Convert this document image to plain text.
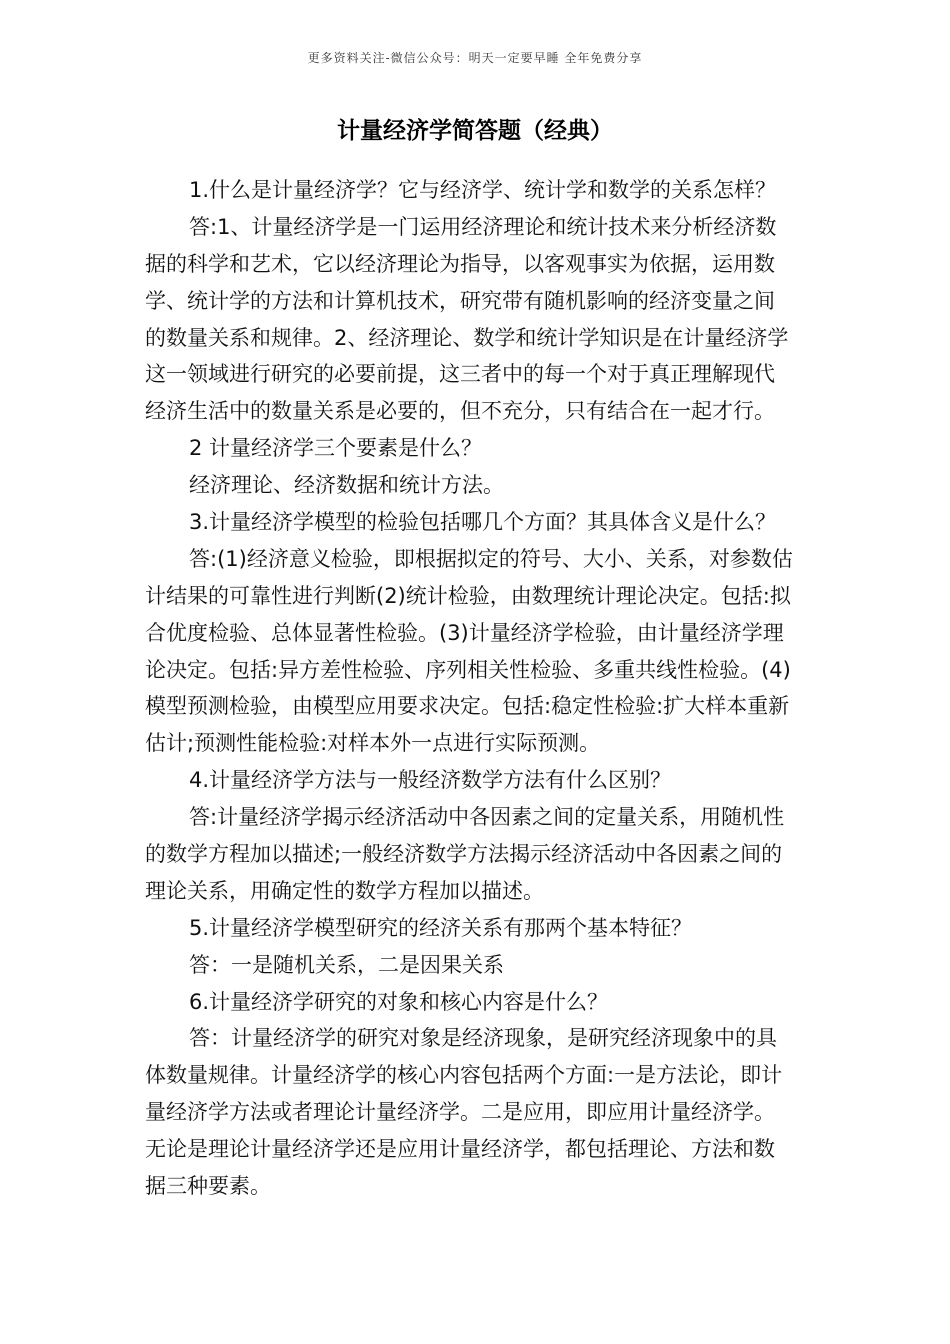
更多资料关注-微信公众号：明天一定要早睡 全年免费分享
计量经济学简答题（经典）
1.什么是计量经济学？它与经济学、统计学和数学的关系怎样？
答:1、计量经济学是一门运用经济理论和统计技术来分析经济数
据的科学和艺术，它以经济理论为指导，以客观事实为依据，运用数
学、统计学的方法和计算机技术，研究带有随机影响的经济变量之间
的数量关系和规律。2、经济理论、数学和统计学知识是在计量经济学
这一领域进行研究的必要前提，这三者中的每一个对于真正理解现代
经济生活中的数量关系是必要的，但不充分，只有结合在一起才行。
2 计量经济学三个要素是什么？
经济理论、经济数据和统计方法。
3.计量经济学模型的检验包括哪几个方面？其具体含义是什么？
答:(1)经济意义检验，即根据拟定的符号、大小、关系，对参数估
计结果的可靠性进行判断(2)统计检验，由数理统计理论决定。包括:拟
合优度检验、总体显著性检验。(3)计量经济学检验，由计量经济学理
论决定。包括:异方差性检验、序列相关性检验、多重共线性检验。(4)
模型预测检验，由模型应用要求决定。包括:稳定性检验:扩大样本重新
估计;预测性能检验:对样本外一点进行实际预测。
4.计量经济学方法与一般经济数学方法有什么区别？
答:计量经济学揭示经济活动中各因素之间的定量关系，用随机性
的数学方程加以描述;一般经济数学方法揭示经济活动中各因素之间的
理论关系，用确定性的数学方程加以描述。
5.计量经济学模型研究的经济关系有那两个基本特征？
答：一是随机关系，二是因果关系
6.计量经济学研究的对象和核心内容是什么？
答：计量经济学的研究对象是经济现象，是研究经济现象中的具
体数量规律。计量经济学的核心内容包括两个方面:一是方法论，即计
量经济学方法或者理论计量经济学。二是应用，即应用计量经济学。
无论是理论计量经济学还是应用计量经济学，都包括理论、方法和数
据三种要素。
